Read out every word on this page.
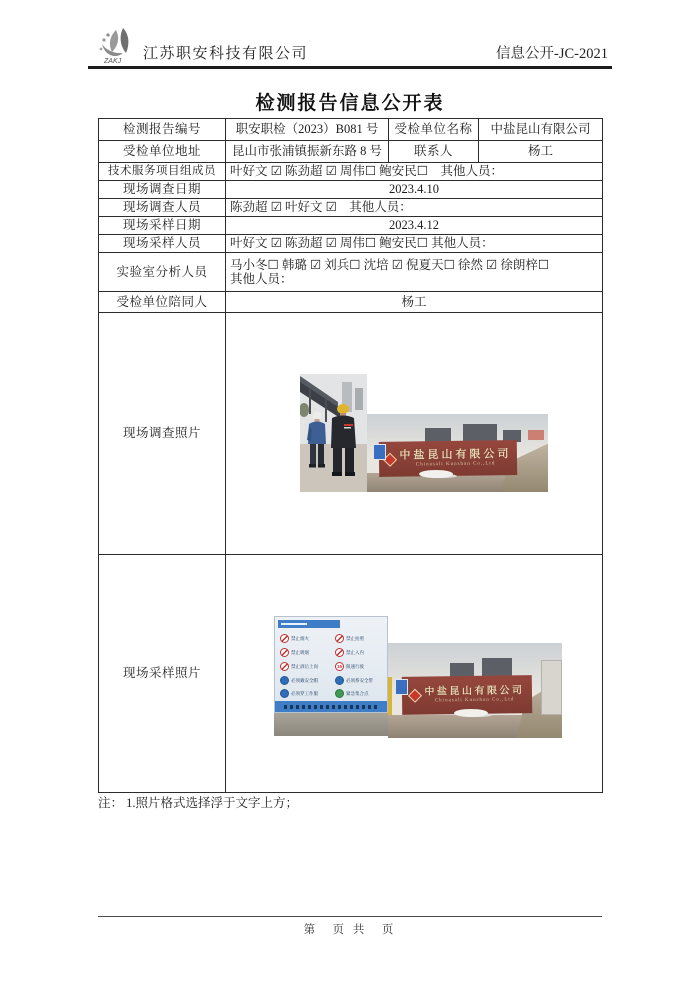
ZAKJ 江苏职安科技有限公司	信息公开-JC-2021
检测报告信息公开表
检测报告编号	职安职检（2023）B081 号	受检单位名称	中盐昆山有限公司
受检单位地址	昆山市张浦镇振新东路 8 号	联系人	杨工
技术服务项目组成员	叶好文 ☑ 陈劲超 ☑ 周伟☐ 鲍安民☐　其他人员：		
现场调查日期	2023.4.10		
现场调查人员	陈劲超 ☑ 叶好文 ☑　其他人员：		
现场采样日期	2023.4.12		
现场采样人员	叶好文 ☑ 陈劲超 ☑ 周伟☐ 鲍安民☐ 其他人员：		
实验室分析人员	马小冬☐ 韩璐 ☑ 刘兵☐ 沈培 ☑ 倪夏天☐ 徐然 ☑ 徐朗梓☐
其他人员：		

受检单位陪同人	杨工		
现场调查照片	中盐昆山有限公司
Chinasalt Kunshan Co.,Ltd		

现场采样照片	
禁止烟火	禁止拍照
禁止吸烟	禁止入内
禁止酒后上岗	15 限速行驶
必须戴安全帽	必须系安全带
必须穿工作服	紧急集合点	中盐昆山有限公司
Chinasalt Kunshan Co.,Ltd
注： 1.照片格式选择浮于文字上方；
第　页 共　页
